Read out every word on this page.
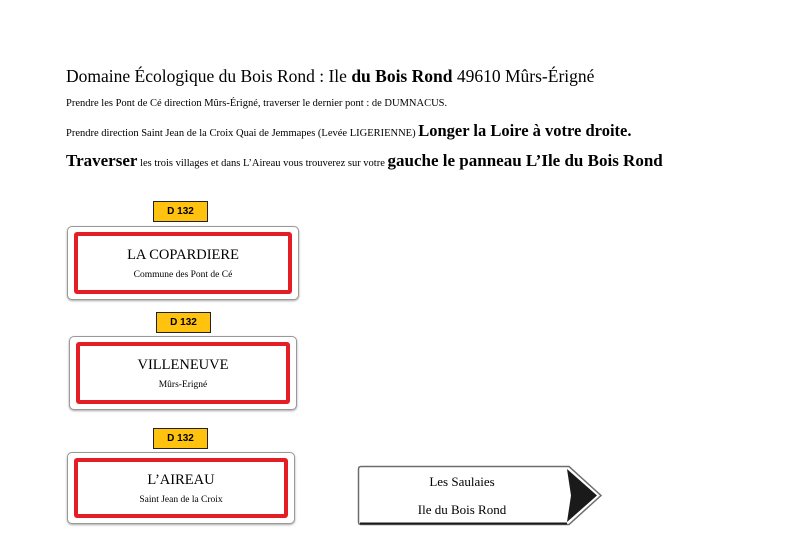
Domaine Écologique du Bois Rond : Ile du Bois Rond 49610 Mûrs-Érigné
Prendre les Pont de Cé direction Mûrs-Érigné, traverser le dernier pont : de DUMNACUS.
Prendre direction Saint Jean de la Croix Quai de Jemmapes (Levée LIGERIENNE) Longer la Loire à votre droite.
Traverser les trois villages et dans L’Aireau vous trouverez sur votre gauche le panneau L’Ile du Bois Rond
D 132
LA COPARDIERE
Commune des Pont de Cé
D 132
VILLENEUVE
Mûrs-Erigné
D 132
L’AIREAU
Saint Jean de la Croix
Les Saulaies
Ile du Bois Rond
